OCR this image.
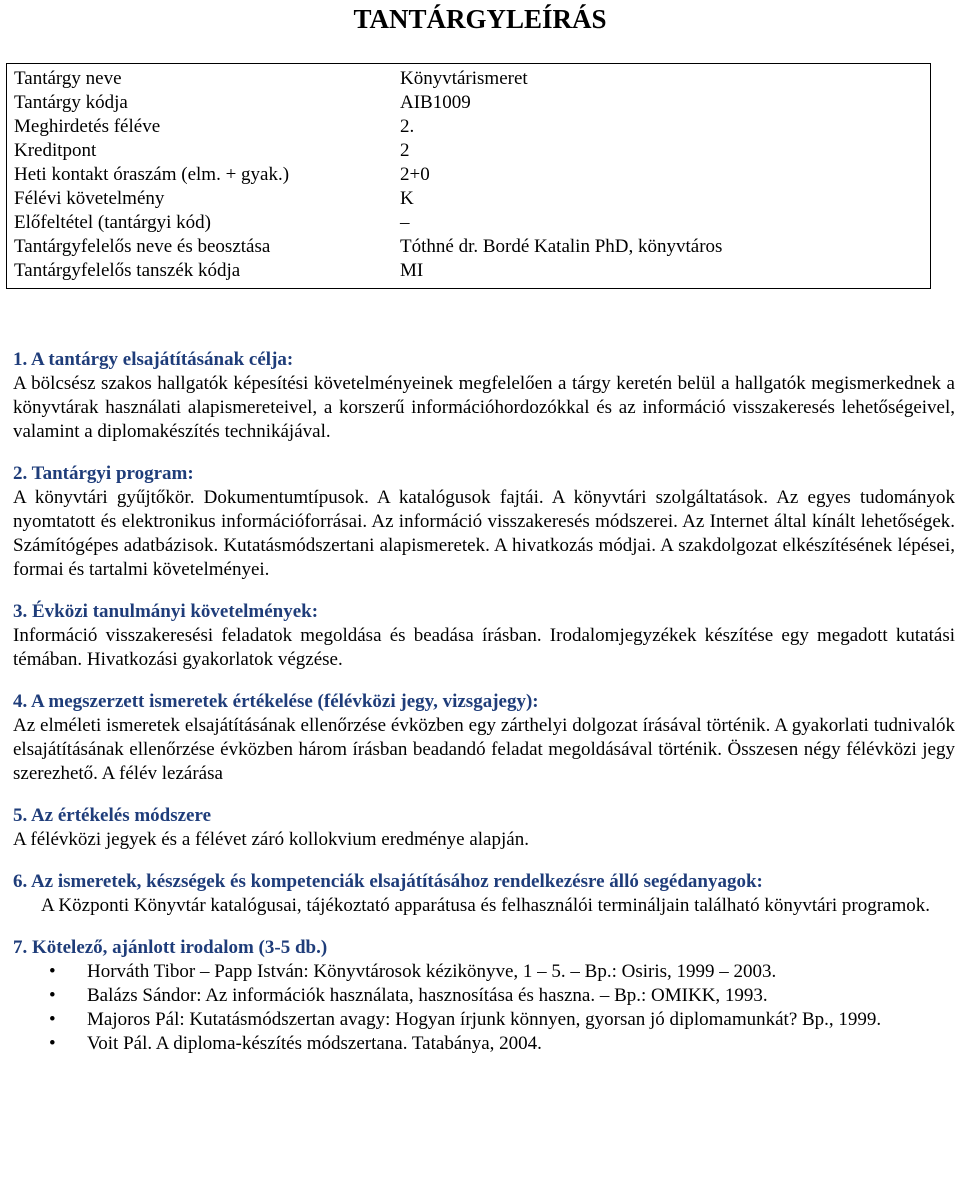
TANTÁRGYLEÍRÁS
Tantárgy neve	Könyvtárismeret
Tantárgy kódja	AIB1009
Meghirdetés féléve	2.
Kreditpont	2
Heti kontakt óraszám (elm. + gyak.)	2+0
Félévi követelmény	K
Előfeltétel (tantárgyi kód)	–
Tantárgyfelelős neve és beosztása	Tóthné dr. Bordé Katalin PhD, könyvtáros
Tantárgyfelelős tanszék kódja	MI
1. A tantárgy elsajátításának célja:

A bölcsész szakos hallgatók képesítési követelményeinek megfelelően a tárgy keretén belül a hallgatók megismerkednek a könyvtárak használati alapismereteivel, a korszerű információhordozókkal és az információ visszakeresés lehetőségeivel, valamint a diplomakészítés technikájával.

2. Tantárgyi program:

A könyvtári gyűjtőkör. Dokumentumtípusok. A katalógusok fajtái. A könyvtári szolgáltatások. Az egyes tudományok nyomtatott és elektronikus információforrásai. Az információ visszakeresés módszerei. Az Internet által kínált lehetőségek. Számítógépes adatbázisok. Kutatásmódszertani alapismeretek. A hivatkozás módjai. A szakdolgozat elkészítésének lépései, formai és tartalmi követelményei.

3. Évközi tanulmányi követelmények:

Információ visszakeresési feladatok megoldása és beadása írásban. Irodalomjegyzékek készítése egy megadott kutatási témában. Hivatkozási gyakorlatok végzése.

4. A megszerzett ismeretek értékelése (félévközi jegy, vizsgajegy):

Az elméleti ismeretek elsajátításának ellenőrzése évközben egy zárthelyi dolgozat írásával történik. A gyakorlati tudnivalók elsajátításának ellenőrzése évközben három írásban beadandó feladat megoldásával történik. Összesen négy félévközi jegy szerezhető. A félév lezárása

5. Az értékelés módszere

A félévközi jegyek és a félévet záró kollokvium eredménye alapján.

6. Az ismeretek, készségek és kompetenciák elsajátításához rendelkezésre álló segédanyagok:

A Központi Könyvtár katalógusai, tájékoztató apparátusa és felhasználói termináljain található könyvtári programok.

7. Kötelező, ajánlott irodalom (3-5 db.)
• Horváth Tibor – Papp István: Könyvtárosok kézikönyve, 1 – 5. – Bp.: Osiris, 1999 – 2003.
• Balázs Sándor: Az információk használata, hasznosítása és haszna. – Bp.: OMIKK, 1993.
• Majoros Pál: Kutatásmódszertan avagy: Hogyan írjunk könnyen, gyorsan jó diplomamunkát? Bp., 1999.
• Voit Pál. A diploma-készítés módszertana. Tatabánya, 2004.
